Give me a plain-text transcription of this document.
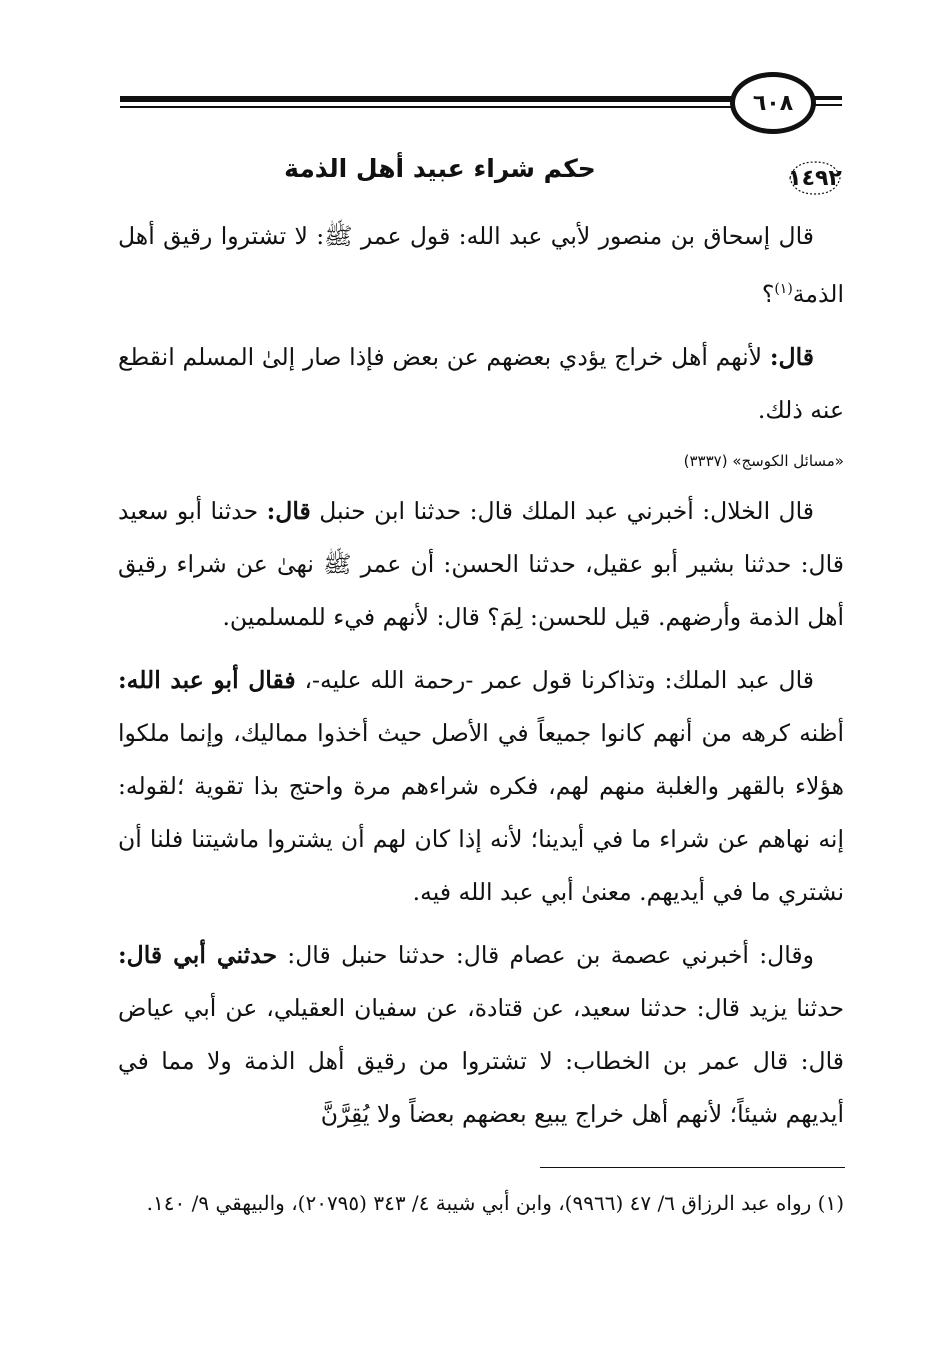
٦٠٨
١٤٩٢
حكم شراء عبيد أهل الذمة

قال إسحاق بن منصور لأبي عبد الله: قول عمر ﷺ: لا تشتروا رقيق أهل الذمة$^{(١)}$؟

قال: لأنهم أهل خراج يؤدي بعضهم عن بعض فإذا صار إلىٰ المسلم انقطع عنه ذلك.

«مسائل الكوسج» (٣٣٣٧)

قال الخلال: أخبرني عبد الملك قال: حدثنا ابن حنبل قال: حدثنا أبو سعيد قال: حدثنا بشير أبو عقيل، حدثنا الحسن: أن عمر ﷺ نهىٰ عن شراء رقيق أهل الذمة وأرضهم. قيل للحسن: لِمَ؟ قال: لأنهم فيء للمسلمين.

قال عبد الملك: وتذاكرنا قول عمر -رحمة الله عليه-، فقال أبو عبد الله: أظنه كرهه من أنهم كانوا جميعاً في الأصل حيث أخذوا مماليك، وإنما ملكوا هؤلاء بالقهر والغلبة منهم لهم، فكره شراءهم مرة واحتج بذا تقوية ؛لقوله: إنه نهاهم عن شراء ما في أيدينا؛ لأنه إذا كان لهم أن يشتروا ماشيتنا فلنا أن نشتري ما في أيديهم. معنىٰ أبي عبد الله فيه.

وقال: أخبرني عصمة بن عصام قال: حدثنا حنبل قال: حدثني أبي قال: حدثنا يزيد قال: حدثنا سعيد، عن قتادة، عن سفيان العقيلي، عن أبي عياض قال: قال عمر بن الخطاب: لا تشتروا من رقيق أهل الذمة ولا مما في أيديهم شيئاً؛ لأنهم أهل خراج يبيع بعضهم بعضاً ولا يُقِرَّنَّ

(١) رواه عبد الرزاق ٦/ ٤٧ (٩٩٦٦)، وابن أبي شيبة ٤/ ٣٤٣ (٢٠٧٩٥)، والبيهقي ٩/ ١٤٠.
